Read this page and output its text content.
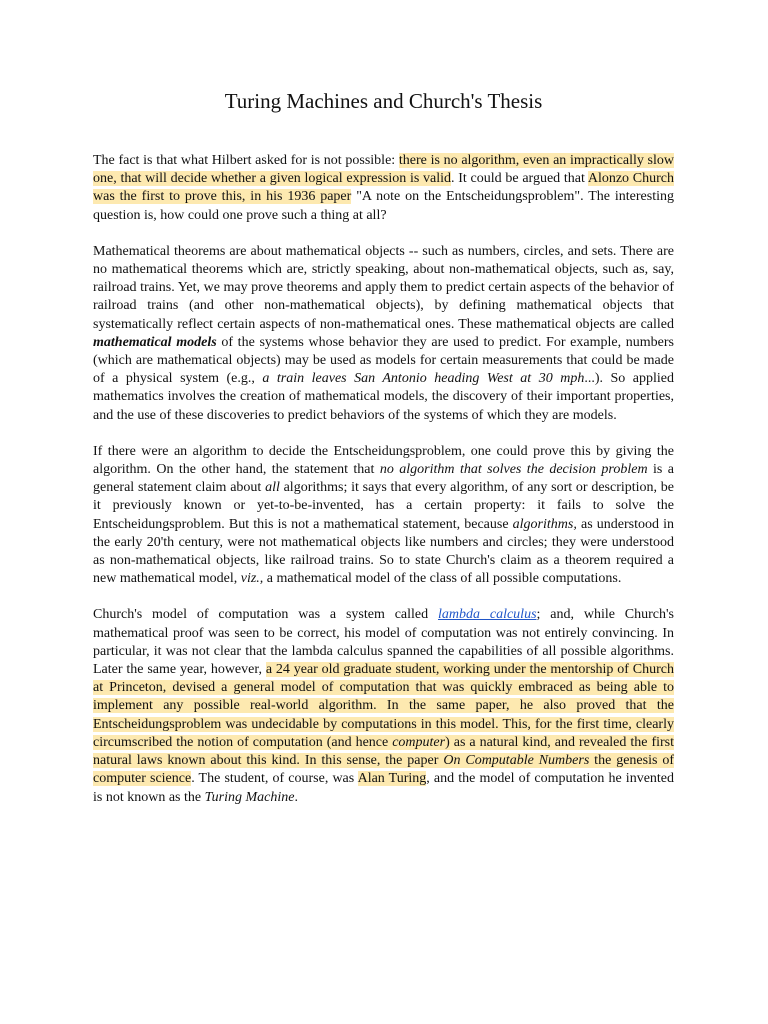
Turing Machines and Church's Thesis

The fact is that what Hilbert asked for is not possible: there is no algorithm, even an impractically slow one, that will decide whether a given logical expression is valid. It could be argued that Alonzo Church was the first to prove this, in his 1936 paper "A note on the Entscheidungsproblem". The interesting question is, how could one prove such a thing at all?

Mathematical theorems are about mathematical objects -- such as numbers, circles, and sets. There are no mathematical theorems which are, strictly speaking, about non-mathematical objects, such as, say, railroad trains. Yet, we may prove theorems and apply them to predict certain aspects of the behavior of railroad trains (and other non-mathematical objects), by defining mathematical objects that systematically reflect certain aspects of non-mathematical ones. These mathematical objects are called mathematical models of the systems whose behavior they are used to predict. For example, numbers (which are mathematical objects) may be used as models for certain measurements that could be made of a physical system (e.g., a train leaves San Antonio heading West at 30 mph...). So applied mathematics involves the creation of mathematical models, the discovery of their important properties, and the use of these discoveries to predict behaviors of the systems of which they are models.

If there were an algorithm to decide the Entscheidungsproblem, one could prove this by giving the algorithm. On the other hand, the statement that no algorithm that solves the decision problem is a general statement claim about all algorithms; it says that every algorithm, of any sort or description, be it previously known or yet-to-be-invented, has a certain property: it fails to solve the Entscheidungsproblem. But this is not a mathematical statement, because algorithms, as understood in the early 20'th century, were not mathematical objects like numbers and circles; they were understood as non-mathematical objects, like railroad trains. So to state Church's claim as a theorem required a new mathematical model, viz., a mathematical model of the class of all possible computations.

Church's model of computation was a system called lambda calculus; and, while Church's mathematical proof was seen to be correct, his model of computation was not entirely convincing. In particular, it was not clear that the lambda calculus spanned the capabilities of all possible algorithms. Later the same year, however, a 24 year old graduate student, working under the mentorship of Church at Princeton, devised a general model of computation that was quickly embraced as being able to implement any possible real-world algorithm. In the same paper, he also proved that the Entscheidungsproblem was undecidable by computations in this model. This, for the first time, clearly circumscribed the notion of computation (and hence computer) as a natural kind, and revealed the first natural laws known about this kind. In this sense, the paper On Computable Numbers the genesis of computer science. The student, of course, was Alan Turing, and the model of computation he invented is not known as the Turing Machine.
